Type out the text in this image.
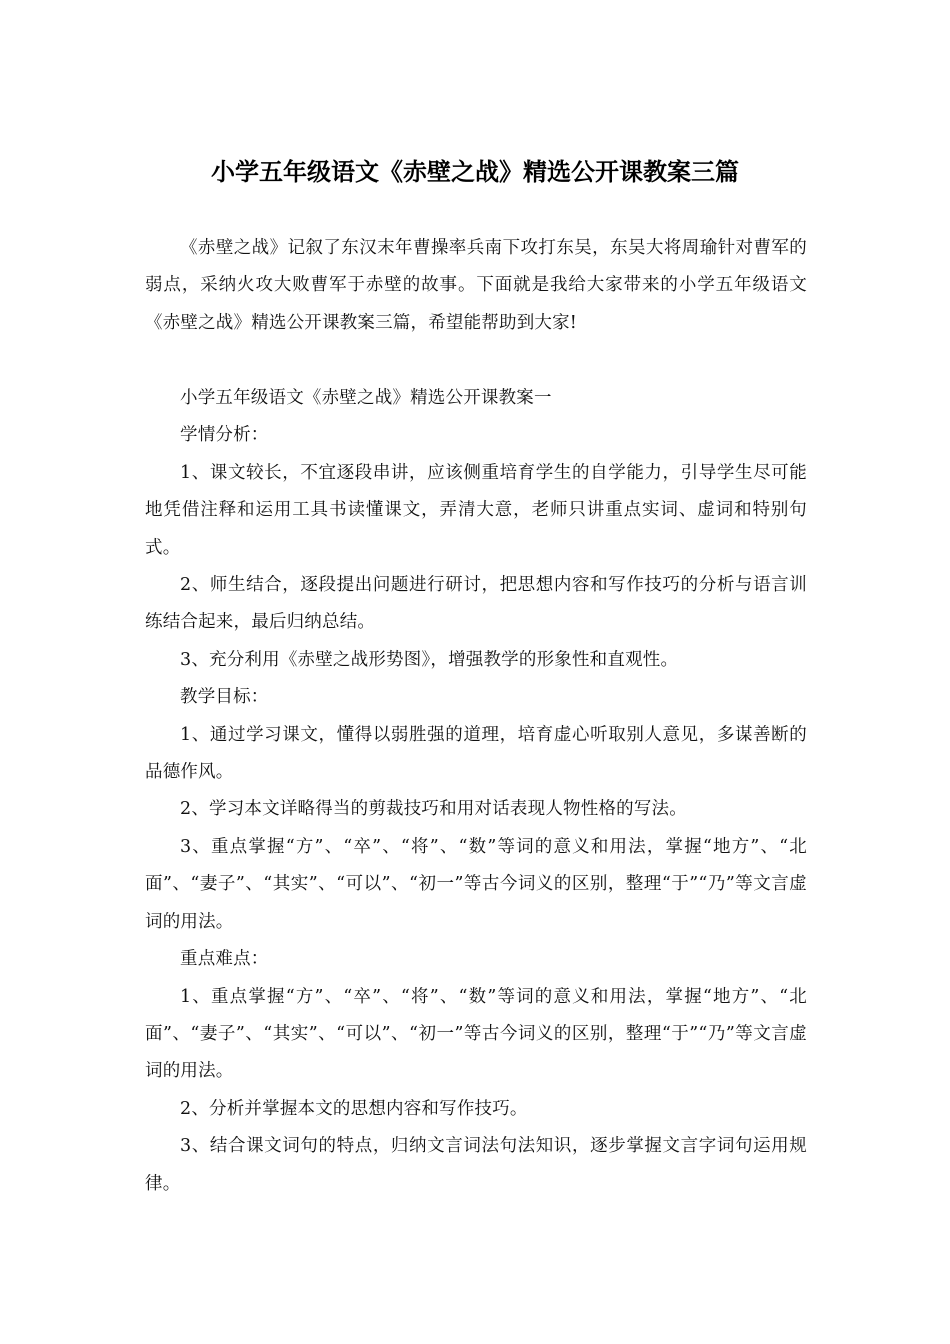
小学五年级语文《赤壁之战》精选公开课教案三篇

《赤壁之战》记叙了东汉末年曹操率兵南下攻打东吴，东吴大将周瑜针对曹军的弱点，采纳火攻大败曹军于赤壁的故事。下面就是我给大家带来的小学五年级语文《赤壁之战》精选公开课教案三篇，希望能帮助到大家!

小学五年级语文《赤壁之战》精选公开课教案一

学情分析：

1、课文较长，不宜逐段串讲，应该侧重培育学生的自学能力，引导学生尽可能地凭借注释和运用工具书读懂课文，弄清大意，老师只讲重点实词、虚词和特别句式。

2、师生结合，逐段提出问题进行研讨，把思想内容和写作技巧的分析与语言训练结合起来，最后归纳总结。

3、充分利用《赤壁之战形势图》，增强教学的形象性和直观性。

教学目标：

1、通过学习课文，懂得以弱胜强的道理，培育虚心听取别人意见，多谋善断的品德作风。

2、学习本文详略得当的剪裁技巧和用对话表现人物性格的写法。

3、重点掌握“方”、“卒”、“将”、“数”等词的意义和用法，掌握“地方”、“北面”、“妻子”、“其实”、“可以”、“初一”等古今词义的区别，整理“于”“乃”等文言虚词的用法。

重点难点：

1、重点掌握“方”、“卒”、“将”、“数”等词的意义和用法，掌握“地方”、“北面”、“妻子”、“其实”、“可以”、“初一”等古今词义的区别，整理“于”“乃”等文言虚词的用法。

2、分析并掌握本文的思想内容和写作技巧。

3、结合课文词句的特点，归纳文言词法句法知识，逐步掌握文言字词句运用规律。
